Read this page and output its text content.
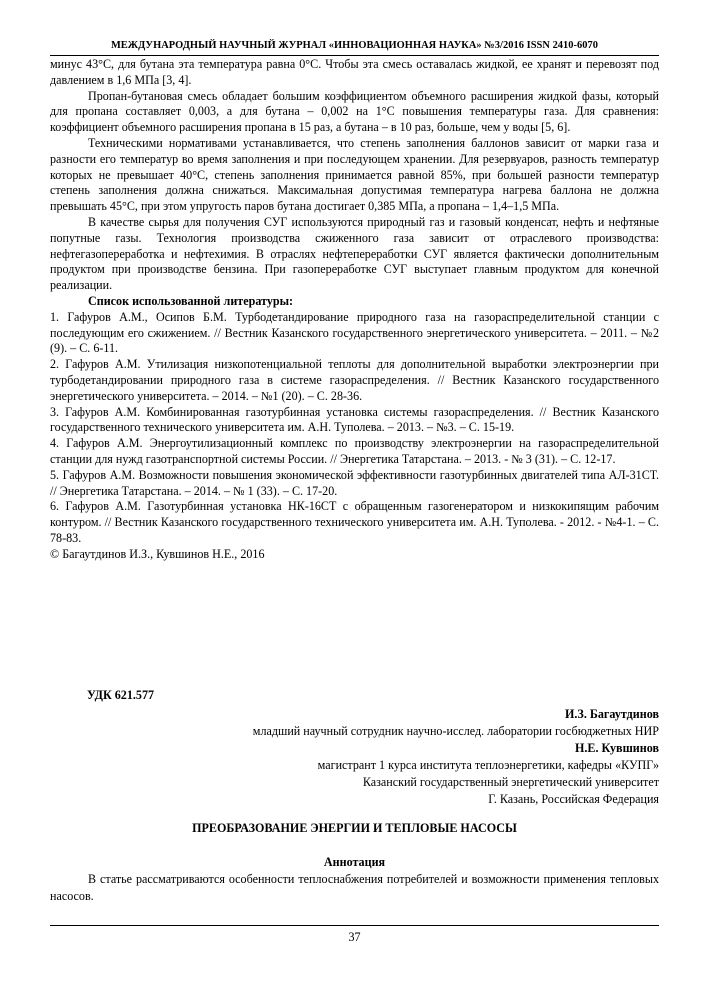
МЕЖДУНАРОДНЫЙ НАУЧНЫЙ ЖУРНАЛ «ИННОВАЦИОННАЯ НАУКА» №3/2016 ISSN 2410-6070

минус 43°С, для бутана эта температура равна 0°С. Чтобы эта смесь оставалась жидкой, ее хранят и перевозят под давлением в 1,6 МПа [3, 4].

Пропан-бутановая смесь обладает большим коэффициентом объемного расширения жидкой фазы, который для пропана составляет 0,003, а для бутана – 0,002 на 1°С повышения температуры газа. Для сравнения: коэффициент объемного расширения пропана в 15 раз, а бутана – в 10 раз, больше, чем у воды [5, 6].

Техническими нормативами устанавливается, что степень заполнения баллонов зависит от марки газа и разности его температур во время заполнения и при последующем хранении. Для резервуаров, разность температур которых не превышает 40°С, степень заполнения принимается равной 85%, при большей разности температур степень заполнения должна снижаться. Максимальная допустимая температура нагрева баллона не должна превышать 45°С, при этом упругость паров бутана достигает 0,385 МПа, а пропана – 1,4–1,5 МПа.

В качестве сырья для получения СУГ используются природный газ и газовый конденсат, нефть и нефтяные попутные газы. Технология производства сжиженного газа зависит от отраслевого производства: нефтегазопереработка и нефтехимия. В отраслях нефтепереработки СУГ является фактически дополнительным продуктом при производстве бензина. При газопереработке СУГ выступает главным продуктом для конечной реализации.

Список использованной литературы:

1. Гафуров А.М., Осипов Б.М. Турбодетандирование природного газа на газораспределительной станции с последующим его сжижением. // Вестник Казанского государственного энергетического университета. – 2011. – №2 (9). – С. 6-11.

2. Гафуров А.М. Утилизация низкопотенциальной теплоты для дополнительной выработки электроэнергии при турбодетандировании природного газа в системе газораспределения. // Вестник Казанского государственного энергетического университета. – 2014. – №1 (20). – С. 28-36.

3. Гафуров А.М. Комбинированная газотурбинная установка системы газораспределения. // Вестник Казанского государственного технического университета им. А.Н. Туполева. – 2013. – №3. – С. 15-19.

4. Гафуров А.М. Энергоутилизационный комплекс по производству электроэнергии на газораспределительной станции для нужд газотранспортной системы России. // Энергетика Татарстана. – 2013. - № 3 (31). – С. 12-17.

5. Гафуров А.М. Возможности повышения экономической эффективности газотурбинных двигателей типа АЛ-31СТ. // Энергетика Татарстана. – 2014. – № 1 (33). – С. 17-20.

6. Гафуров А.М. Газотурбинная установка НК-16СТ с обращенным газогенератором и низкокипящим рабочим контуром. // Вестник Казанского государственного технического университета им. А.Н. Туполева. - 2012. - №4-1. – С. 78-83.

© Багаутдинов И.З., Кувшинов Н.Е., 2016

УДК 621.577
И.З. Багаутдинов
младший научный сотрудник научно-исслед. лаборатории госбюджетных НИР
Н.Е. Кувшинов
магистрант 1 курса института теплоэнергетики, кафедры «КУПГ»
Казанский государственный энергетический университет
Г. Казань, Российская Федерация
ПРЕОБРАЗОВАНИЕ ЭНЕРГИИ И ТЕПЛОВЫЕ НАСОСЫ
Аннотация
В статье рассматриваются особенности теплоснабжения потребителей и возможности применения тепловых насосов.
37
